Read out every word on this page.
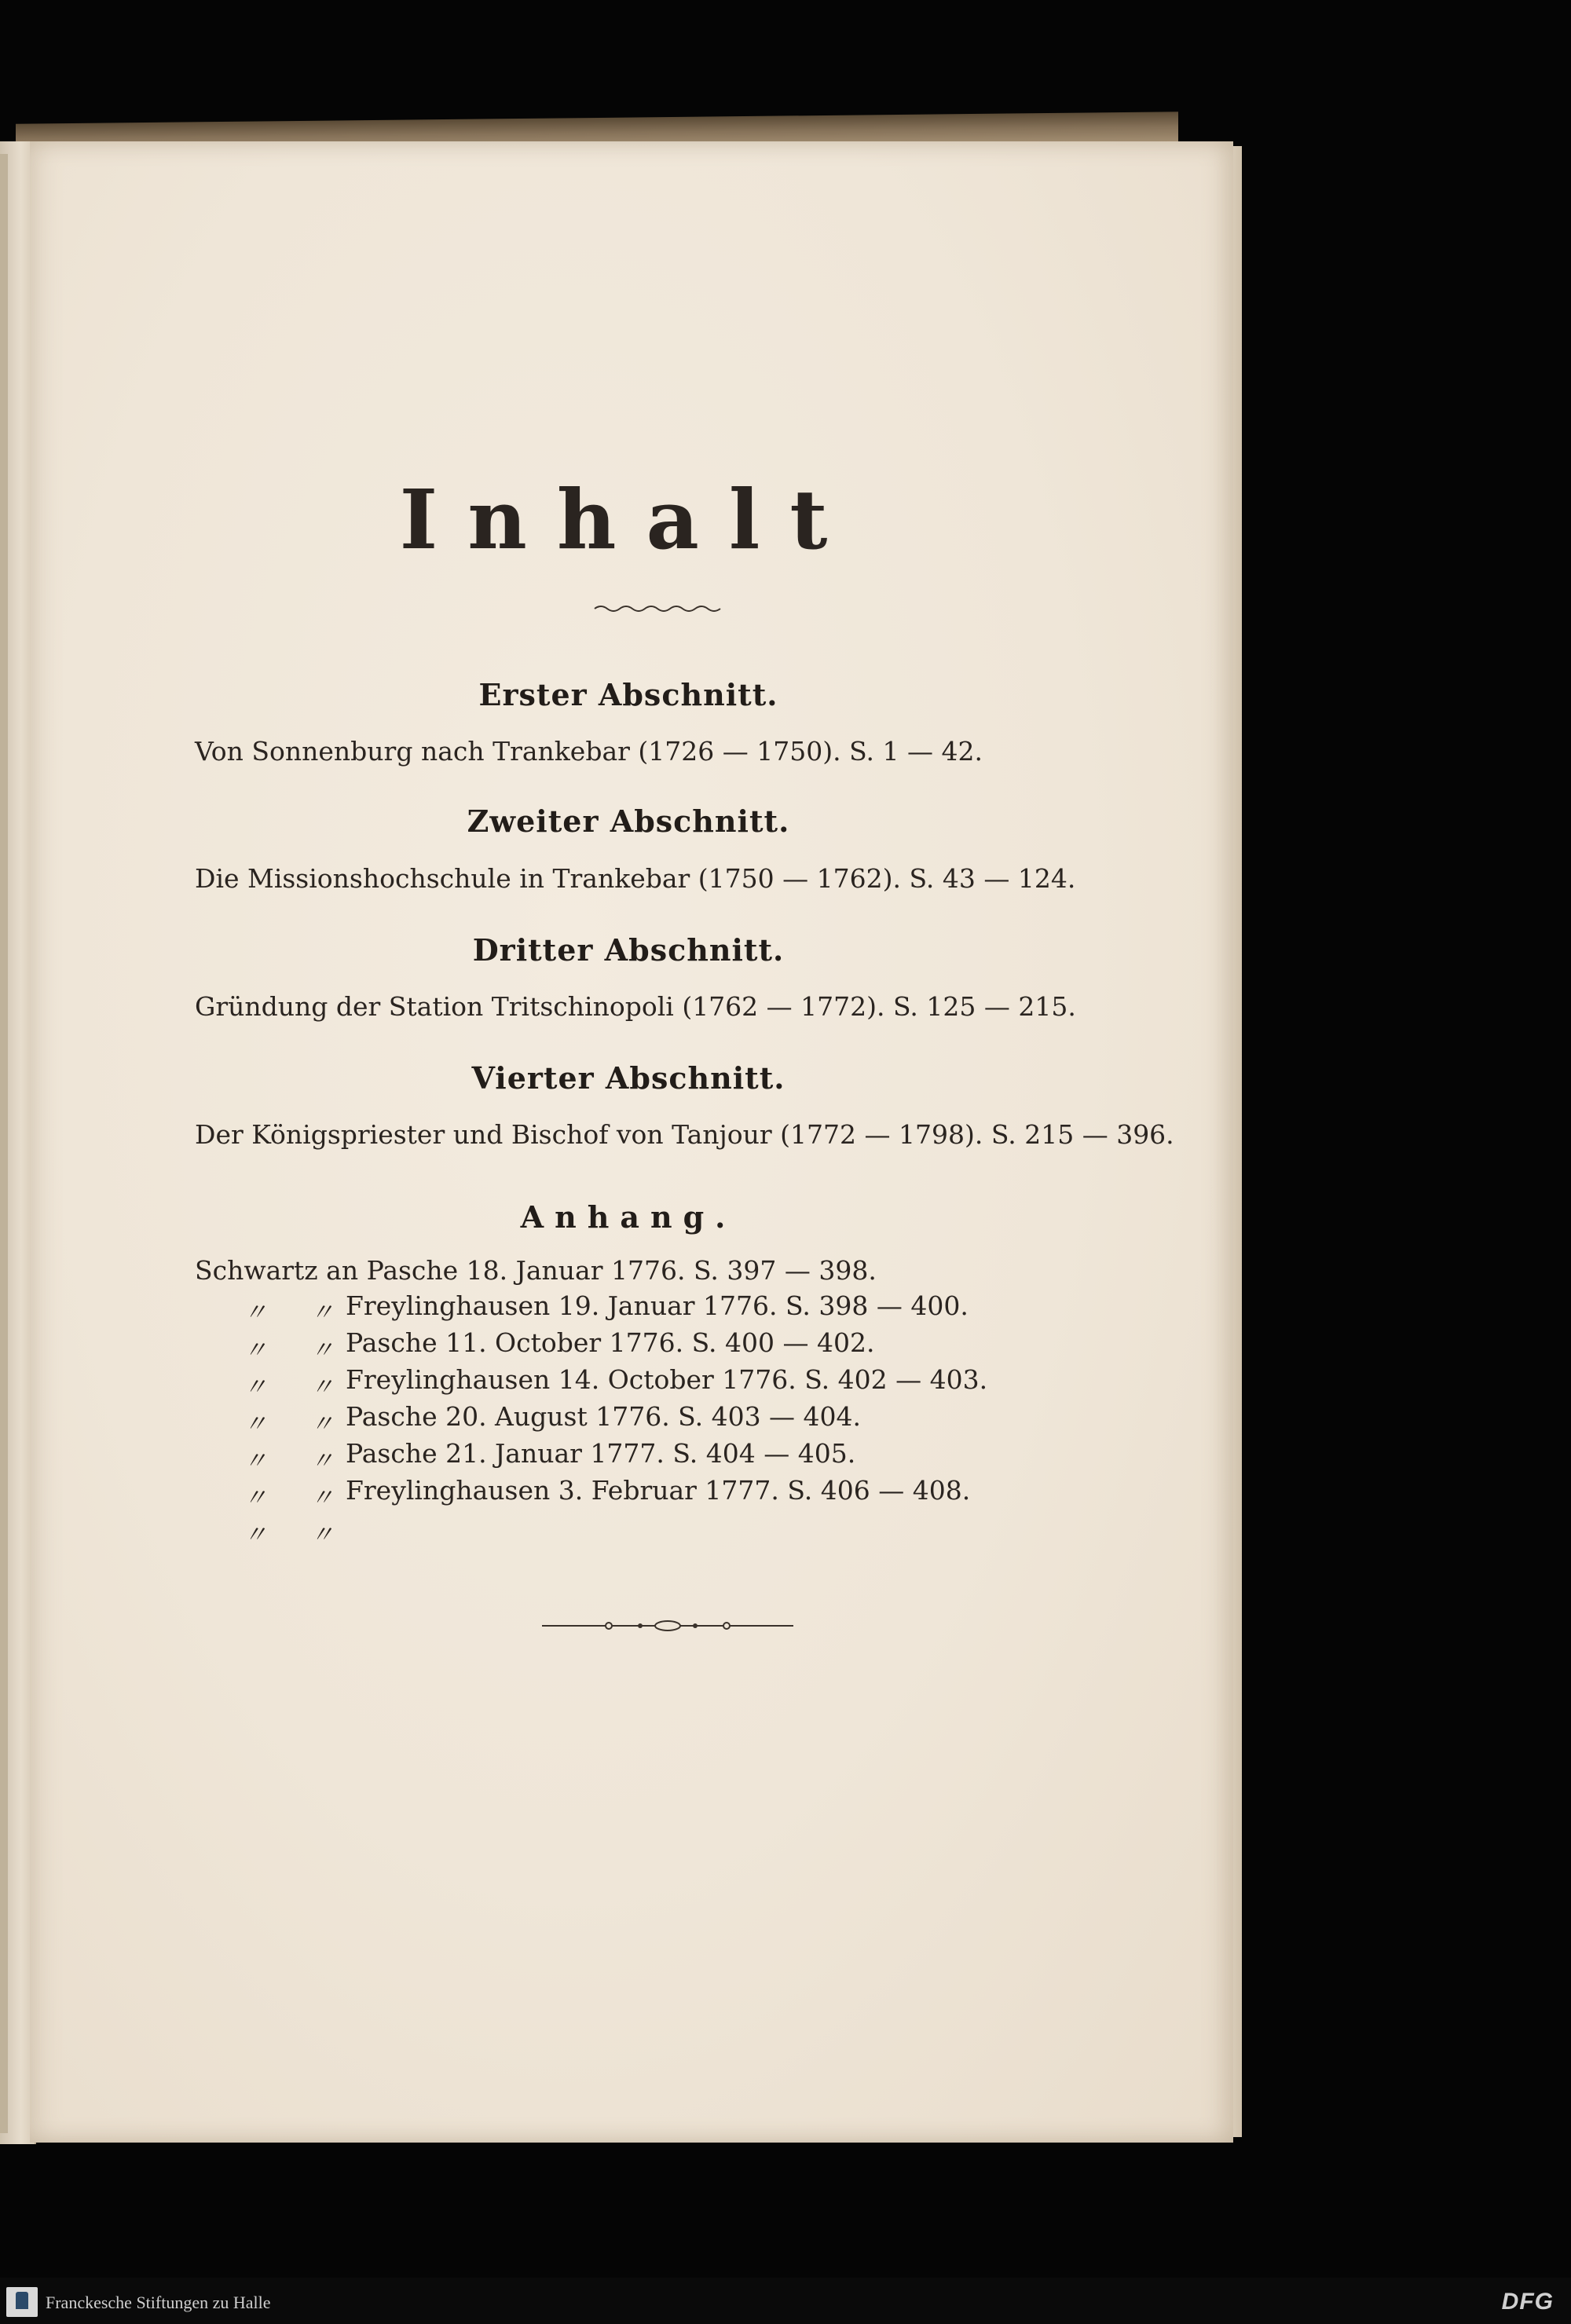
Inhalt
Erster Abschnitt.
Von Sonnenburg nach Trankebar (1726 — 1750). S. 1 — 42.
Zweiter Abschnitt.
Die Missionshochschule in Trankebar (1750 — 1762). S. 43 — 124.
Dritter Abschnitt.
Gründung der Station Tritschinopoli (1762 — 1772). S. 125 — 215.
Vierter Abschnitt.
Der Königspriester und Bischof von Tanjour (1772 — 1798). S. 215 — 396.
Anhang.
Schwartz an Pasche 18. Januar 1776. S. 397 — 398.
〃 〃 Freylinghausen 19. Januar 1776. S. 398 — 400.
〃 〃 Pasche 11. October 1776. S. 400 — 402.
〃 〃 Freylinghausen 14. October 1776. S. 402 — 403.
〃 〃 Pasche 20. August 1776. S. 403 — 404.
〃 〃 Pasche 21. Januar 1777. S. 404 — 405.
〃 〃 Freylinghausen 3. Februar 1777. S. 406 — 408.
〃 〃
Franckesche Stiftungen zu Halle	DFG
